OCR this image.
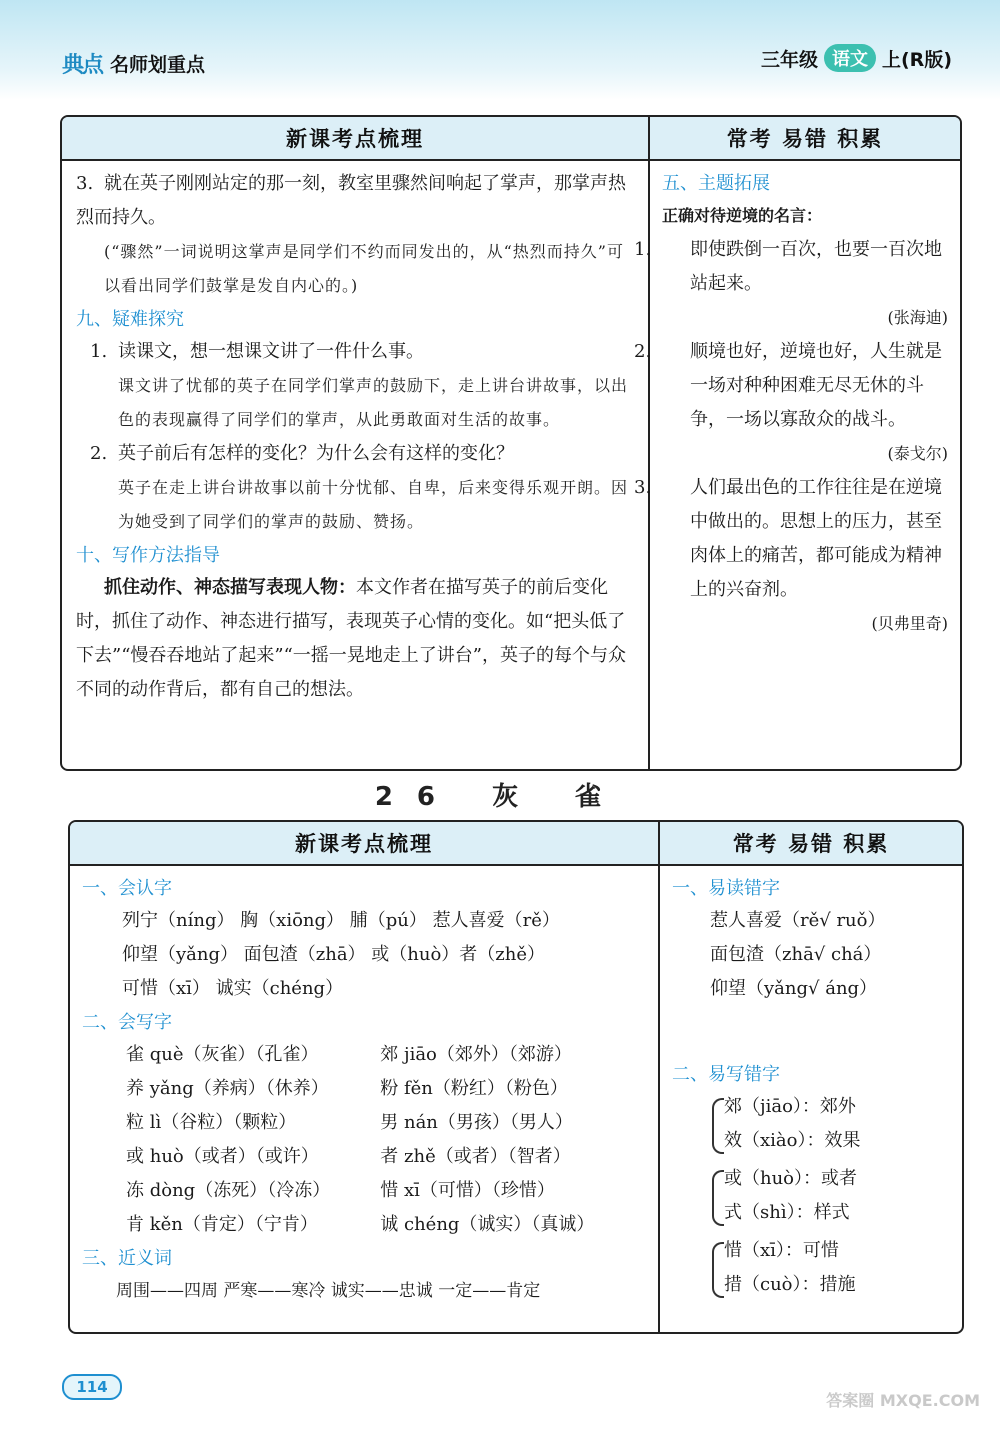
典点 名师划重点	三年级 语文 上(R版)
新课考点梳理	常考 易错 积累

3. 就在英子刚刚站定的那一刻，教室里骤然间响起了掌声，那掌声热烈而持久。

(“骤然”一词说明这掌声是同学们不约而同发出的，从“热烈而持久”可以看出同学们鼓掌是发自内心的。)

九、疑难探究

1. 读课文，想一想课文讲了一件什么事。

课文讲了忧郁的英子在同学们掌声的鼓励下，走上讲台讲故事，以出色的表现赢得了同学们的掌声，从此勇敢面对生活的故事。

2. 英子前后有怎样的变化？为什么会有这样的变化？

英子在走上讲台讲故事以前十分忧郁、自卑，后来变得乐观开朗。因为她受到了同学们的掌声的鼓励、赞扬。

十、写作方法指导

抓住动作、神态描写表现人物：本文作者在描写英子的前后变化时，抓住了动作、神态进行描写，表现英子心情的变化。如“把头低了下去”“慢吞吞地站了起来”“一摇一晃地走上了讲台”，英子的每个与众不同的动作背后，都有自己的想法。

五、主题拓展

正确对待逆境的名言：

1. 即使跌倒一百次，也要一百次地站起来。

(张海迪)

2. 顺境也好，逆境也好，人生就是一场对种种困难无尽无休的斗争，一场以寡敌众的战斗。

(泰戈尔)

3. 人们最出色的工作往往是在逆境中做出的。思想上的压力，甚至肉体上的痛苦，都可能成为精神上的兴奋剂。

(贝弗里奇)

26 灰 雀
新课考点梳理	常考 易错 积累
一、会认字

列宁（níng） 胸（xiōng） 脯（pú） 惹人喜爱（rě）

仰望（yǎng） 面包渣（zhā） 或（huò）者（zhě）

可惜（xī） 诚实（chéng）

二、会写字
雀 què（灰雀）（孔雀）	郊 jiāo（郊外）（郊游）
养 yǎng（养病）（休养）	粉 fěn（粉红）（粉色）
粒 lì（谷粒）（颗粒）	男 nán（男孩）（男人）
或 huò（或者）（或许）	者 zhě（或者）（智者）
冻 dòng（冻死）（冷冻）	惜 xī（可惜）（珍惜）
肯 kěn（肯定）（宁肯）	诚 chéng（诚实）（真诚）
三、近义词

周围——四周 严寒——寒冷 诚实——忠诚 一定——肯定

一、易读错字

惹人喜爱（rě√ ruǒ）

面包渣（zhā√ chá）

仰望（yǎng√ áng）

二、易写错字
郊（jiāo）：郊外
效（xiào）：效果
或（huò）：或者
式（shì）：样式
惜（xī）：可惜
措（cuò）：措施
114
答案圈 MXQE.COM
